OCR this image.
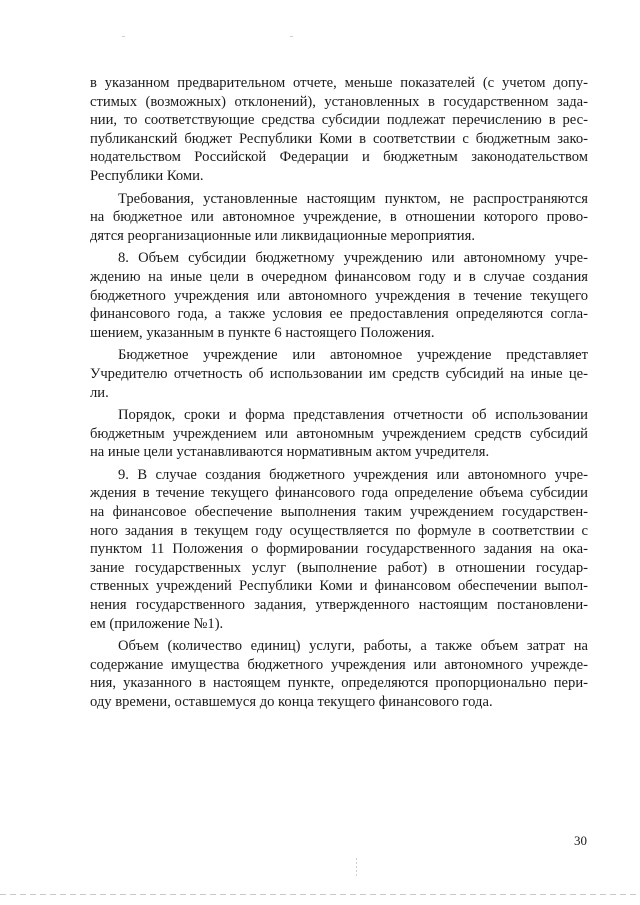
в указанном предварительном отчете, меньше показателей (с учетом допу-
стимых (возможных) отклонений), установленных в государственном зада-
нии, то соответствующие средства субсидии подлежат перечислению в рес-
публиканский бюджет Республики Коми в соответствии с бюджетным зако-
нодательством Российской Федерации и бюджетным законодательством
Республики Коми.
Требования, установленные настоящим пунктом, не распространяются
на бюджетное или автономное учреждение, в отношении которого прово-
дятся реорганизационные или ликвидационные мероприятия.
8. Объем субсидии бюджетному учреждению или автономному учре-
ждению на иные цели в очередном финансовом году и в случае создания
бюджетного учреждения или автономного учреждения в течение текущего
финансового года, а также условия ее предоставления определяются согла-
шением, указанным в пункте 6 настоящего Положения.
Бюджетное учреждение или автономное учреждение представляет
Учредителю отчетность об использовании им средств субсидий на иные це-
ли.
Порядок, сроки и форма представления отчетности об использовании
бюджетным учреждением или автономным учреждением средств субсидий
на иные цели устанавливаются нормативным актом учредителя.
9. В случае создания бюджетного учреждения или автономного учре-
ждения в течение текущего финансового года определение объема субсидии
на финансовое обеспечение выполнения таким учреждением государствен-
ного задания в текущем году осуществляется по формуле в соответствии с
пунктом 11 Положения о формировании государственного задания на ока-
зание государственных услуг (выполнение работ) в отношении государ-
ственных учреждений Республики Коми и финансовом обеспечении выпол-
нения государственного задания, утвержденного настоящим постановлени-
ем (приложение №1).
Объем (количество единиц) услуги, работы, а также объем затрат на
содержание имущества бюджетного учреждения или автономного учрежде-
ния, указанного в настоящем пункте, определяются пропорционально пери-
оду времени, оставшемуся до конца текущего финансового года.
30
